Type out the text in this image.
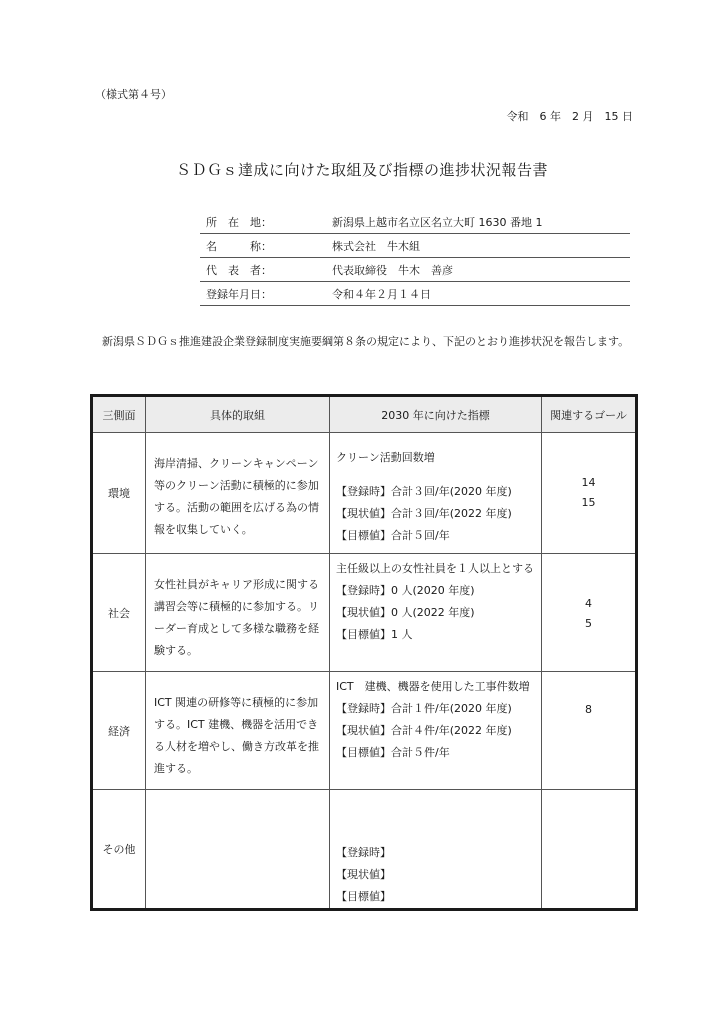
（様式第４号）
令和　6 年　2 月　15 日
ＳＤＧｓ達成に向けた取組及び指標の進捗状況報告書
所　在　地：	新潟県上越市名立区名立大町 1630 番地 1
名　　　称：	株式会社　牛木組
代　表　者：	代表取締役　牛木　善彦
登録年月日：	令和４年２月１４日
新潟県ＳＤＧｓ推進建設企業登録制度実施要綱第８条の規定により、下記のとおり進捗状況を報告します。
三側面	具体的取組	2030 年に向けた指標	関連するゴール
環境	海岸清掃、クリーンキャンペーン等のクリーン活動に積極的に参加する。活動の範囲を広げる為の情報を収集していく。	クリーン活動回数増
【登録時】合計３回/年(2020 年度)
【現状値】合計３回/年(2022 年度)
【目標値】合計５回/年	14
15

社会	女性社員がキャリア形成に関する講習会等に積極的に参加する。リーダー育成として多様な職務を経験する。	主任級以上の女性社員を１人以上とする
【登録時】0 人(2020 年度)
【現状値】0 人(2022 年度)
【目標値】1 人	4
5

経済	ICT 関連の研修等に積極的に参加する。ICT 建機、機器を活用できる人材を増やし、働き方改革を推進する。	ICT　建機、機器を使用した工事件数増
【登録時】合計１件/年(2020 年度)
【現状値】合計４件/年(2022 年度)
【目標値】合計５件/年	8

その他		【登録時】
【現状値】
【目標値】	
